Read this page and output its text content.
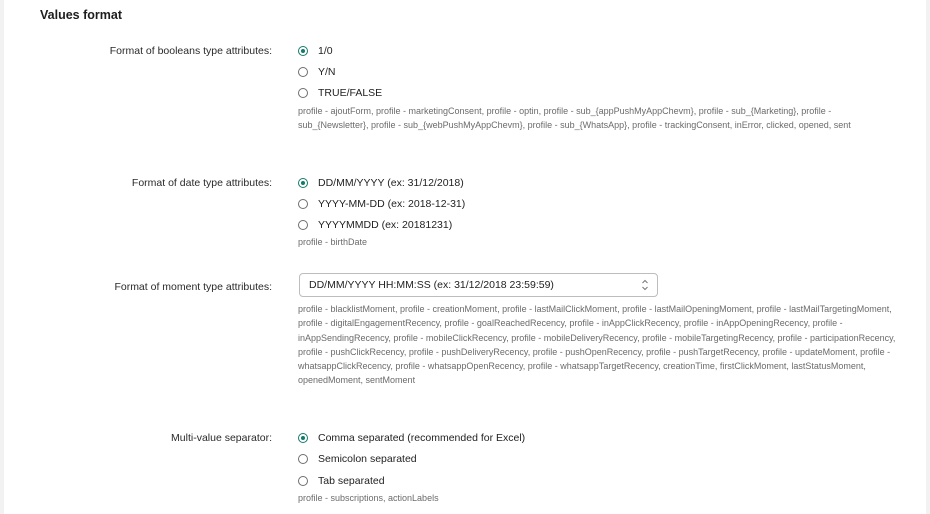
Values format
Format of booleans type attributes:	1/0
Y/N
TRUE/FALSE
profile - ajoutForm, profile - marketingConsent, profile - optin, profile - sub_{appPushMyAppChevm}, profile - sub_{Marketing}, profile - sub_{Newsletter}, profile - sub_{webPushMyAppChevm}, profile - sub_{WhatsApp}, profile - trackingConsent, inError, clicked, opened, sent
Format of date type attributes:	DD/MM/YYYY (ex: 31/12/2018)
YYYY-MM-DD (ex: 2018-12-31)
YYYYMMDD (ex: 20181231)
profile - birthDate
Format of moment type attributes:	DD/MM/YYYY HH:MM:SS (ex: 31/12/2018 23:59:59)
profile - blacklistMoment, profile - creationMoment, profile - lastMailClickMoment, profile - lastMailOpeningMoment, profile - lastMailTargetingMoment, profile - digitalEngagementRecency, profile - goalReachedRecency, profile - inAppClickRecency, profile - inAppOpeningRecency, profile - inAppSendingRecency, profile - mobileClickRecency, profile - mobileDeliveryRecency, profile - mobileTargetingRecency, profile - participationRecency, profile - pushClickRecency, profile - pushDeliveryRecency, profile - pushOpenRecency, profile - pushTargetRecency, profile - updateMoment, profile - whatsappClickRecency, profile - whatsappOpenRecency, profile - whatsappTargetRecency, creationTime, firstClickMoment, lastStatusMoment, openedMoment, sentMoment
Multi-value separator:	Comma separated (recommended for Excel)
Semicolon separated
Tab separated
profile - subscriptions, actionLabels
